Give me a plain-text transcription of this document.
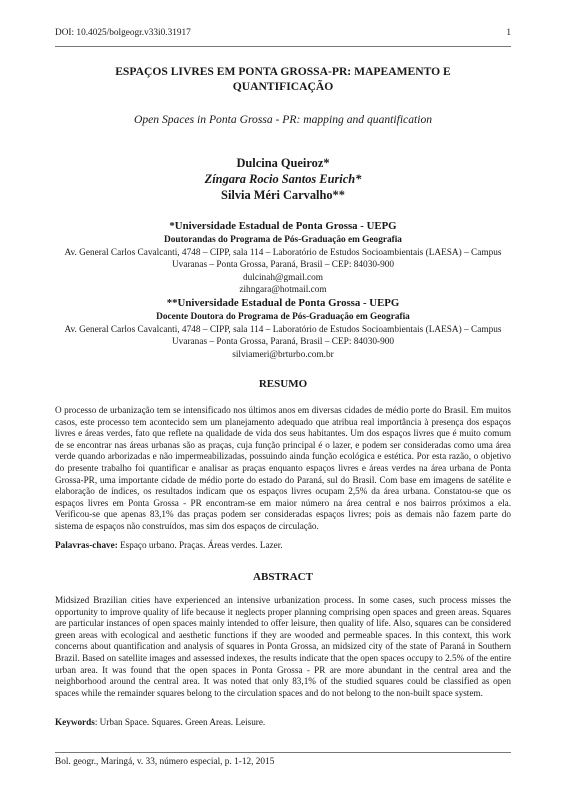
DOI: 10.4025/bolgeogr.v33i0.31917	1
ESPAÇOS LIVRES EM PONTA GROSSA-PR: MAPEAMENTO E
QUANTIFICAÇÃO
Open Spaces in Ponta Grossa - PR: mapping and quantification
Dulcina Queiroz*
Zíngara Rocio Santos Eurich*
Silvia Méri Carvalho**
*Universidade Estadual de Ponta Grossa - UEPG
Doutorandas do Programa de Pós-Graduação em Geografia
Av. General Carlos Cavalcanti, 4748 – CIPP, sala 114 – Laboratório de Estudos Socioambientais (LAESA) – Campus
Uvaranas – Ponta Grossa, Paraná, Brasil – CEP: 84030-900
dulcinah@gmail.com
zihngara@hotmail.com
**Universidade Estadual de Ponta Grossa - UEPG
Docente Doutora do Programa de Pós-Graduação em Geografia
Av. General Carlos Cavalcanti, 4748 – CIPP, sala 114 – Laboratório de Estudos Socioambientais (LAESA) – Campus
Uvaranas – Ponta Grossa, Paraná, Brasil – CEP: 84030-900
silviameri@brturbo.com.br
RESUMO
O processo de urbanização tem se intensificado nos últimos anos em diversas cidades de médio porte do Brasil. Em muitos casos, este processo tem acontecido sem um planejamento adequado que atribua real importância à presença dos espaços livres e áreas verdes, fato que reflete na qualidade de vida dos seus habitantes. Um dos espaços livres que é muito comum de se encontrar nas áreas urbanas são as praças, cuja função principal é o lazer, e podem ser consideradas como uma área verde quando arborizadas e não impermeabilizadas, possuindo ainda função ecológica e estética. Por esta razão, o objetivo do presente trabalho foi quantificar e analisar as praças enquanto espaços livres e áreas verdes na área urbana de Ponta Grossa-PR, uma importante cidade de médio porte do estado do Paraná, sul do Brasil. Com base em imagens de satélite e elaboração de índices, os resultados indicam que os espaços livres ocupam 2,5% da área urbana. Constatou-se que os espaços livres em Ponta Grossa - PR encontram-se em maior número na área central e nos bairros próximos a ela. Verificou-se que apenas 83,1% das praças podem ser consideradas espaços livres; pois as demais não fazem parte do sistema de espaços não construídos, mas sim dos espaços de circulação.
Palavras-chave: Espaço urbano. Praças. Áreas verdes. Lazer.
ABSTRACT
Midsized Brazilian cities have experienced an intensive urbanization process. In some cases, such process misses the opportunity to improve quality of life because it neglects proper planning comprising open spaces and green areas. Squares are particular instances of open spaces mainly intended to offer leisure, then quality of life. Also, squares can be considered green areas with ecological and aesthetic functions if they are wooded and permeable spaces. In this context, this work concerns about quantification and analysis of squares in Ponta Grossa, an midsized city of the state of Paraná in Southern Brazil. Based on satellite images and assessed indexes, the results indicate that the open spaces occupy to 2.5% of the entire urban area. It was found that the open spaces in Ponta Grossa - PR are more abundant in the central area and the neighborhood around the central area. It was noted that only 83,1% of the studied squares could be classified as open spaces while the remainder squares belong to the circulation spaces and do not belong to the non-built space system.
Keywords: Urban Space. Squares. Green Areas. Leisure.
Bol. geogr., Maringá, v. 33, número especial, p. 1-12, 2015
